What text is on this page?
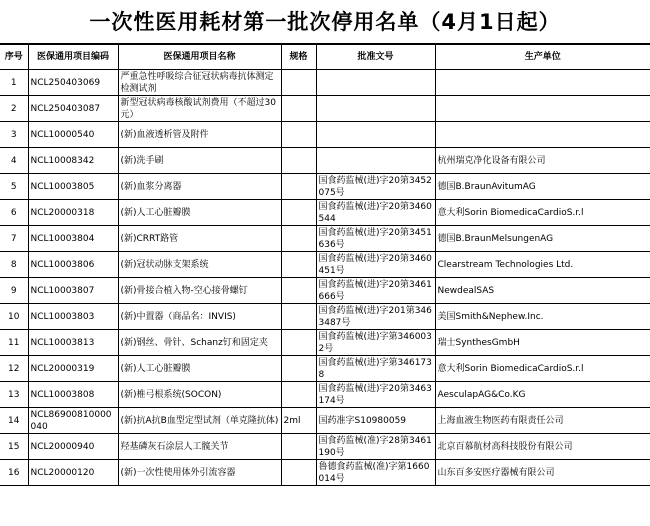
一次性医用耗材第一批次停用名单（4月1日起）
序号	医保通用项目编码	医保通用项目名称	规格	批准文号	生产单位
1	NCL250403069	严重急性呼吸综合征冠状病毒抗体测定检测试剂			
2	NCL250403087	新型冠状病毒核酸试剂费用（不超过30元）			
3	NCL10000540	(新)血液透析管及附件			
4	NCL10008342	(新)洗手刷			杭州瑞克净化设备有限公司
5	NCL10003805	(新)血浆分离器		国食药监械(进)字20第3452075号	德国B.BraunAvitumAG
6	NCL20000318	(新)人工心脏瓣膜		国食药监械(进)字20第3460544	意大利Sorin BiomedicaCardioS.r.l
7	NCL10003804	(新)CRRT路管		国食药监械(进)字20第3451636号	德国B.BraunMelsungenAG
8	NCL10003806	(新)冠状动脉支架系统		国食药监械(进)字20第3460451号	Clearstream Technologies Ltd.
9	NCL10003807	(新)骨接合植入物-空心接骨螺钉		国食药监械(进)字20第3461666号	NewdealSAS
10	NCL10003803	(新)中置器（商品名：INVIS)		国食药监械(进)字201第3463487号	美国Smith&Nephew.Inc.
11	NCL10003813	(新)钢丝、骨针、Schanz钉和固定夹		国食药监械(进)字第3460032号	瑞士SynthesGmbH
12	NCL20000319	(新)人工心脏瓣膜		国食药监械(进)字第3461738	意大利Sorin BiomedicaCardioS.r.l
13	NCL10003808	(新)椎弓根系统(SOCON)		国食药监械(进)字20第3463174号	AesculapAG&Co.KG
14	NCL86900810000040	(新)抗A抗B血型定型试剂（单克隆抗体)	2ml	国药准字S10980059	上海血液生物医药有限责任公司
15	NCL20000940	羟基磷灰石涂层人工髋关节		国食药监械(准)字28第3461190号	北京百慕航材高科技股份有限公司
16	NCL20000120	(新)一次性使用体外引流容器		鲁德食药监械(准)字第1660014号	山东百多安医疗器械有限公司
